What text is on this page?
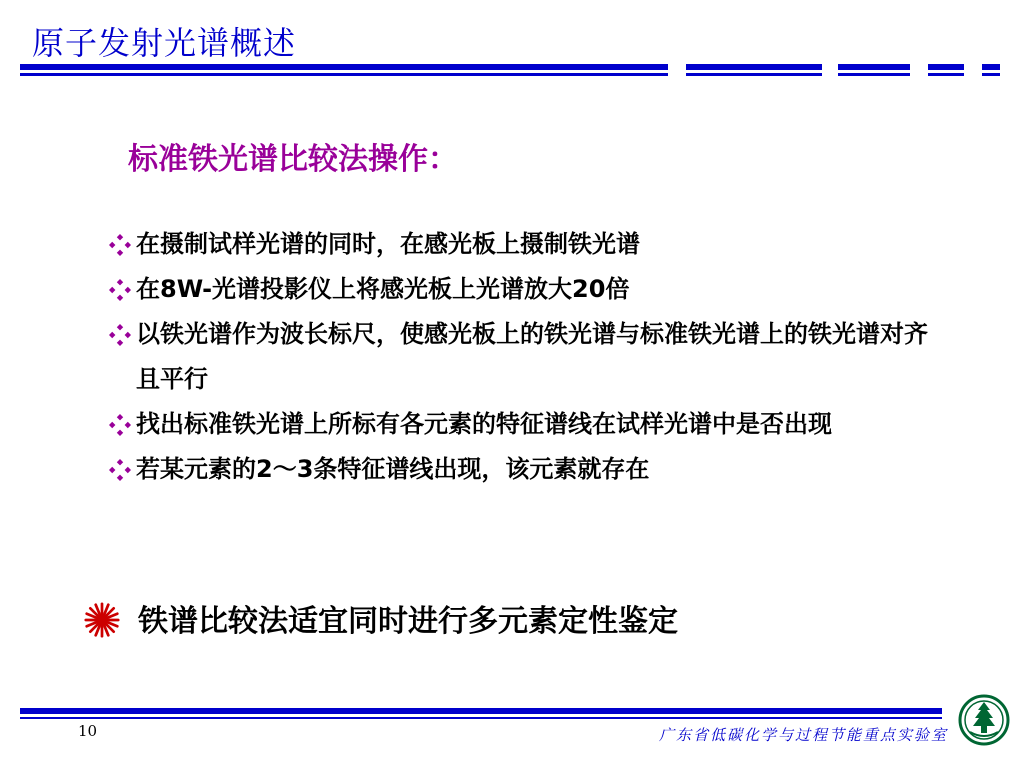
原子发射光谱概述
标准铁光谱比较法操作：
在摄制试样光谱的同时，在感光板上摄制铁光谱
在8W-光谱投影仪上将感光板上光谱放大20倍
以铁光谱作为波长标尺，使感光板上的铁光谱与标准铁光谱上的铁光谱对齐且平行
找出标准铁光谱上所标有各元素的特征谱线在试样光谱中是否出现
若某元素的2～3条特征谱线出现，该元素就存在
铁谱比较法适宜同时进行多元素定性鉴定
10	广东省低碳化学与过程节能重点实验室
